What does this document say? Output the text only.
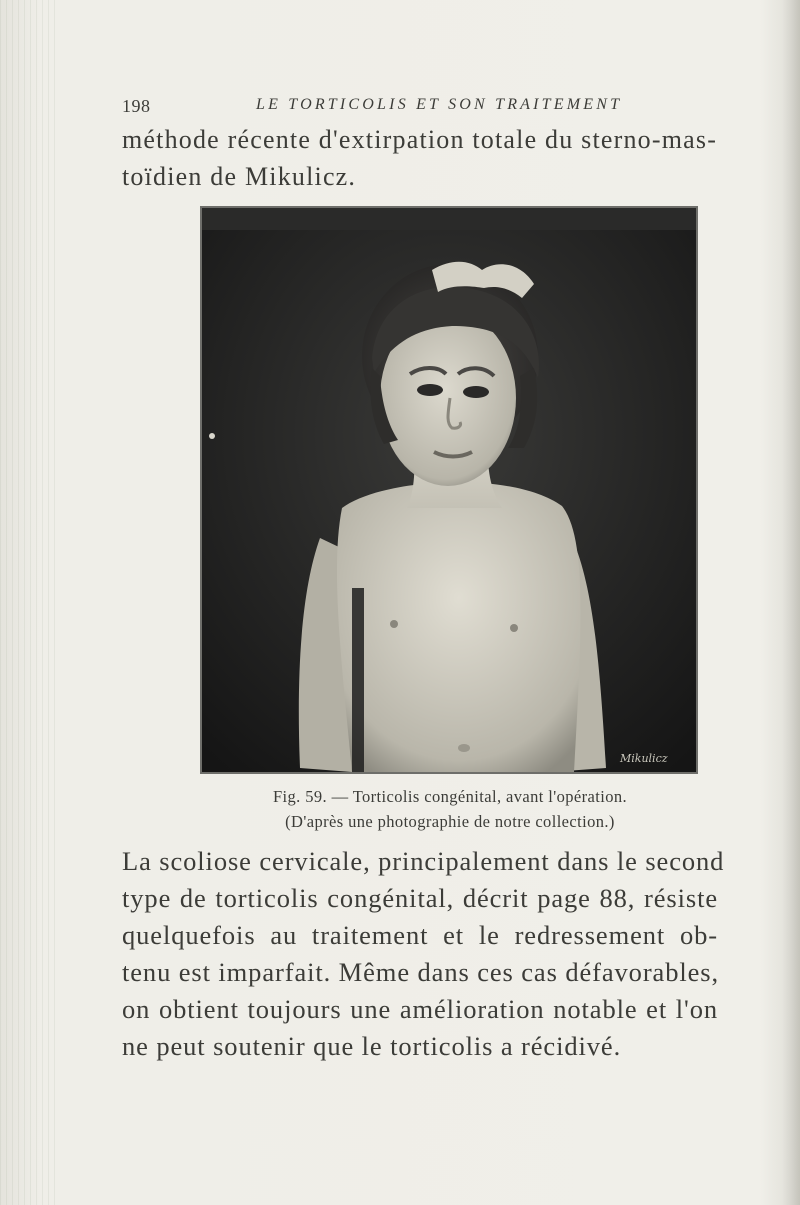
198	LE TORTICOLIS ET SON TRAITEMENT
méthode récente d'extirpation totale du sterno-mas-
toïdien de Mikulicz.
Mikulicz
Fig. 59. — Torticolis congénital, avant l'opération.
(D'après une photographie de notre collection.)
La scoliose cervicale, principalement dans le second
type de torticolis congénital, décrit page 88, résiste
quelquefois au traitement et le redressement ob-
tenu est imparfait. Même dans ces cas défavorables,
on obtient toujours une amélioration notable et l'on
ne peut soutenir que le torticolis a récidivé.
